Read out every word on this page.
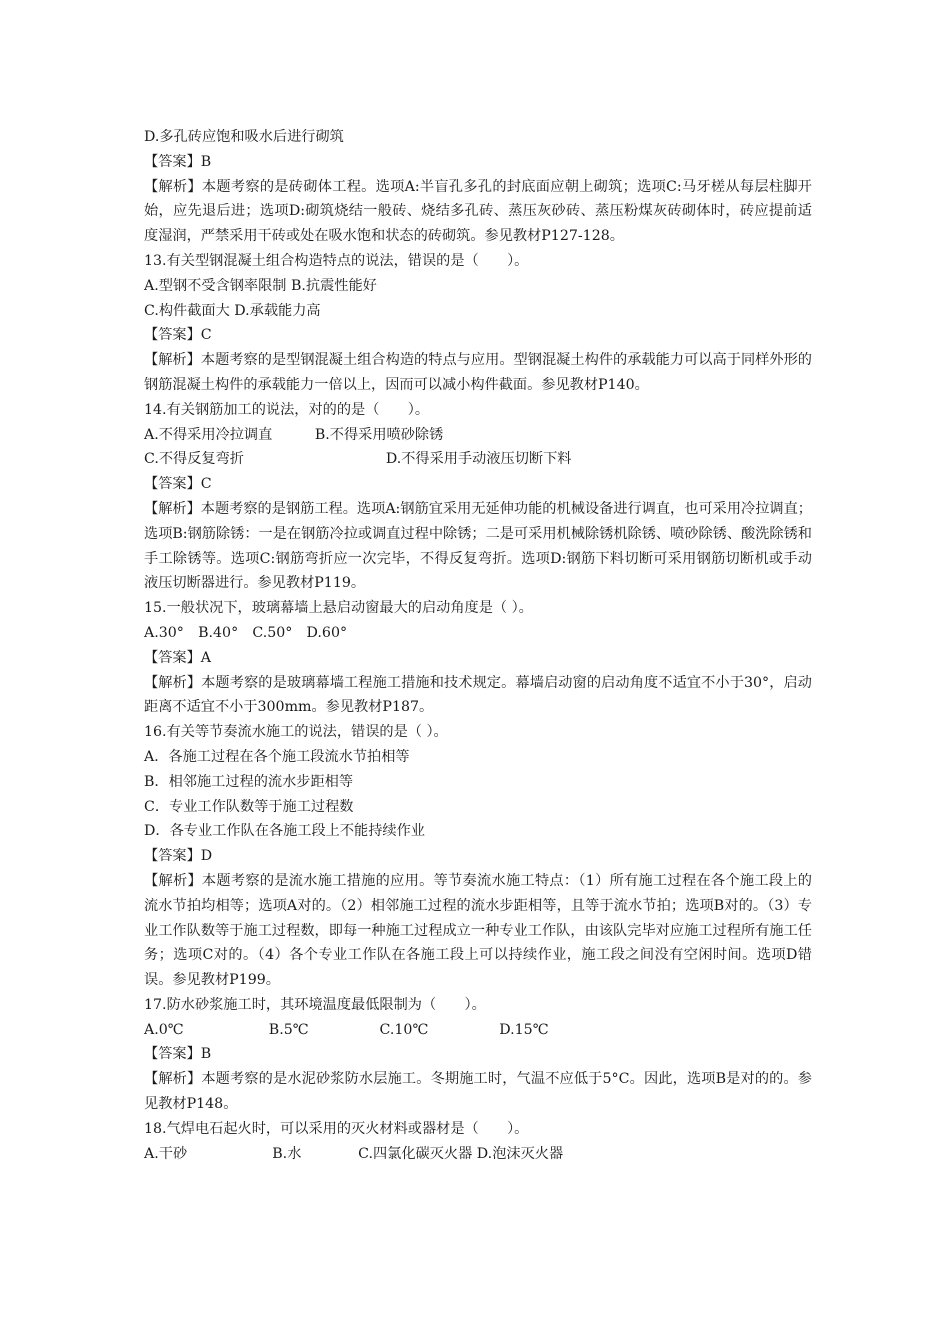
D.多孔砖应饱和吸水后进行砌筑
【答案】B
【解析】本题考察的是砖砌体工程。选项A:半盲孔多孔的封底面应朝上砌筑；选项C:马牙槎从每层柱脚开始，应先退后进；选项D:砌筑烧结一般砖、烧结多孔砖、蒸压灰砂砖、蒸压粉煤灰砖砌体时，砖应提前适度湿润，严禁采用干砖或处在吸水饱和状态的砖砌筑。参见教材P127-128。
13.有关型钢混凝土组合构造特点的说法，错误的是（　　）。
A.型钢不受含钢率限制 B.抗震性能好
C.构件截面大 D.承载能力高
【答案】C
【解析】本题考察的是型钢混凝土组合构造的特点与应用。型钢混凝土构件的承载能力可以高于同样外形的钢筋混凝土构件的承载能力一倍以上，因而可以减小构件截面。参见教材P140。
14.有关钢筋加工的说法，对的的是（　　）。
A.不得采用冷拉调直　　　B.不得采用喷砂除锈
C.不得反复弯折　　　　　　　　　　D.不得采用手动液压切断下料
【答案】C
【解析】本题考察的是钢筋工程。选项A:钢筋宜采用无延伸功能的机械设备进行调直，也可采用冷拉调直；选项B:钢筋除锈：一是在钢筋冷拉或调直过程中除锈；二是可采用机械除锈机除锈、喷砂除锈、酸洗除锈和手工除锈等。选项C:钢筋弯折应一次完毕，不得反复弯折。选项D:钢筋下料切断可采用钢筋切断机或手动液压切断器进行。参见教材P119。
15.一般状况下，玻璃幕墙上悬启动窗最大的启动角度是（ ）。
A.30°　B.40°　C.50°　D.60°
【答案】A
【解析】本题考察的是玻璃幕墙工程施工措施和技术规定。幕墙启动窗的启动角度不适宜不小于30°，启动距离不适宜不小于300mm。参见教材P187。
16.有关等节奏流水施工的说法，错误的是（ ）。
A．各施工过程在各个施工段流水节拍相等
B．相邻施工过程的流水步距相等
C．专业工作队数等于施工过程数
D．各专业工作队在各施工段上不能持续作业
【答案】D
【解析】本题考察的是流水施工措施的应用。等节奏流水施工特点：（1）所有施工过程在各个施工段上的流水节拍均相等；选项A对的。（2）相邻施工过程的流水步距相等，且等于流水节拍；选项B对的。（3）专业工作队数等于施工过程数，即每一种施工过程成立一种专业工作队，由该队完毕对应施工过程所有施工任务；选项C对的。（4）各个专业工作队在各施工段上可以持续作业，施工段之间没有空闲时间。选项D错误。参见教材P199。
17.防水砂浆施工时，其环境温度最低限制为（　　）。
A.0℃　　　　　　B.5℃　　　　　C.10℃　　　　　D.15℃
【答案】B
【解析】本题考察的是水泥砂浆防水层施工。冬期施工时，气温不应低于5°C。因此，选项B是对的的。参见教材P148。
18.气焊电石起火时，可以采用的灭火材料或器材是（　　）。
A.干砂　　　　　　B.水　　　　C.四氯化碳灭火器 D.泡沫灭火器
